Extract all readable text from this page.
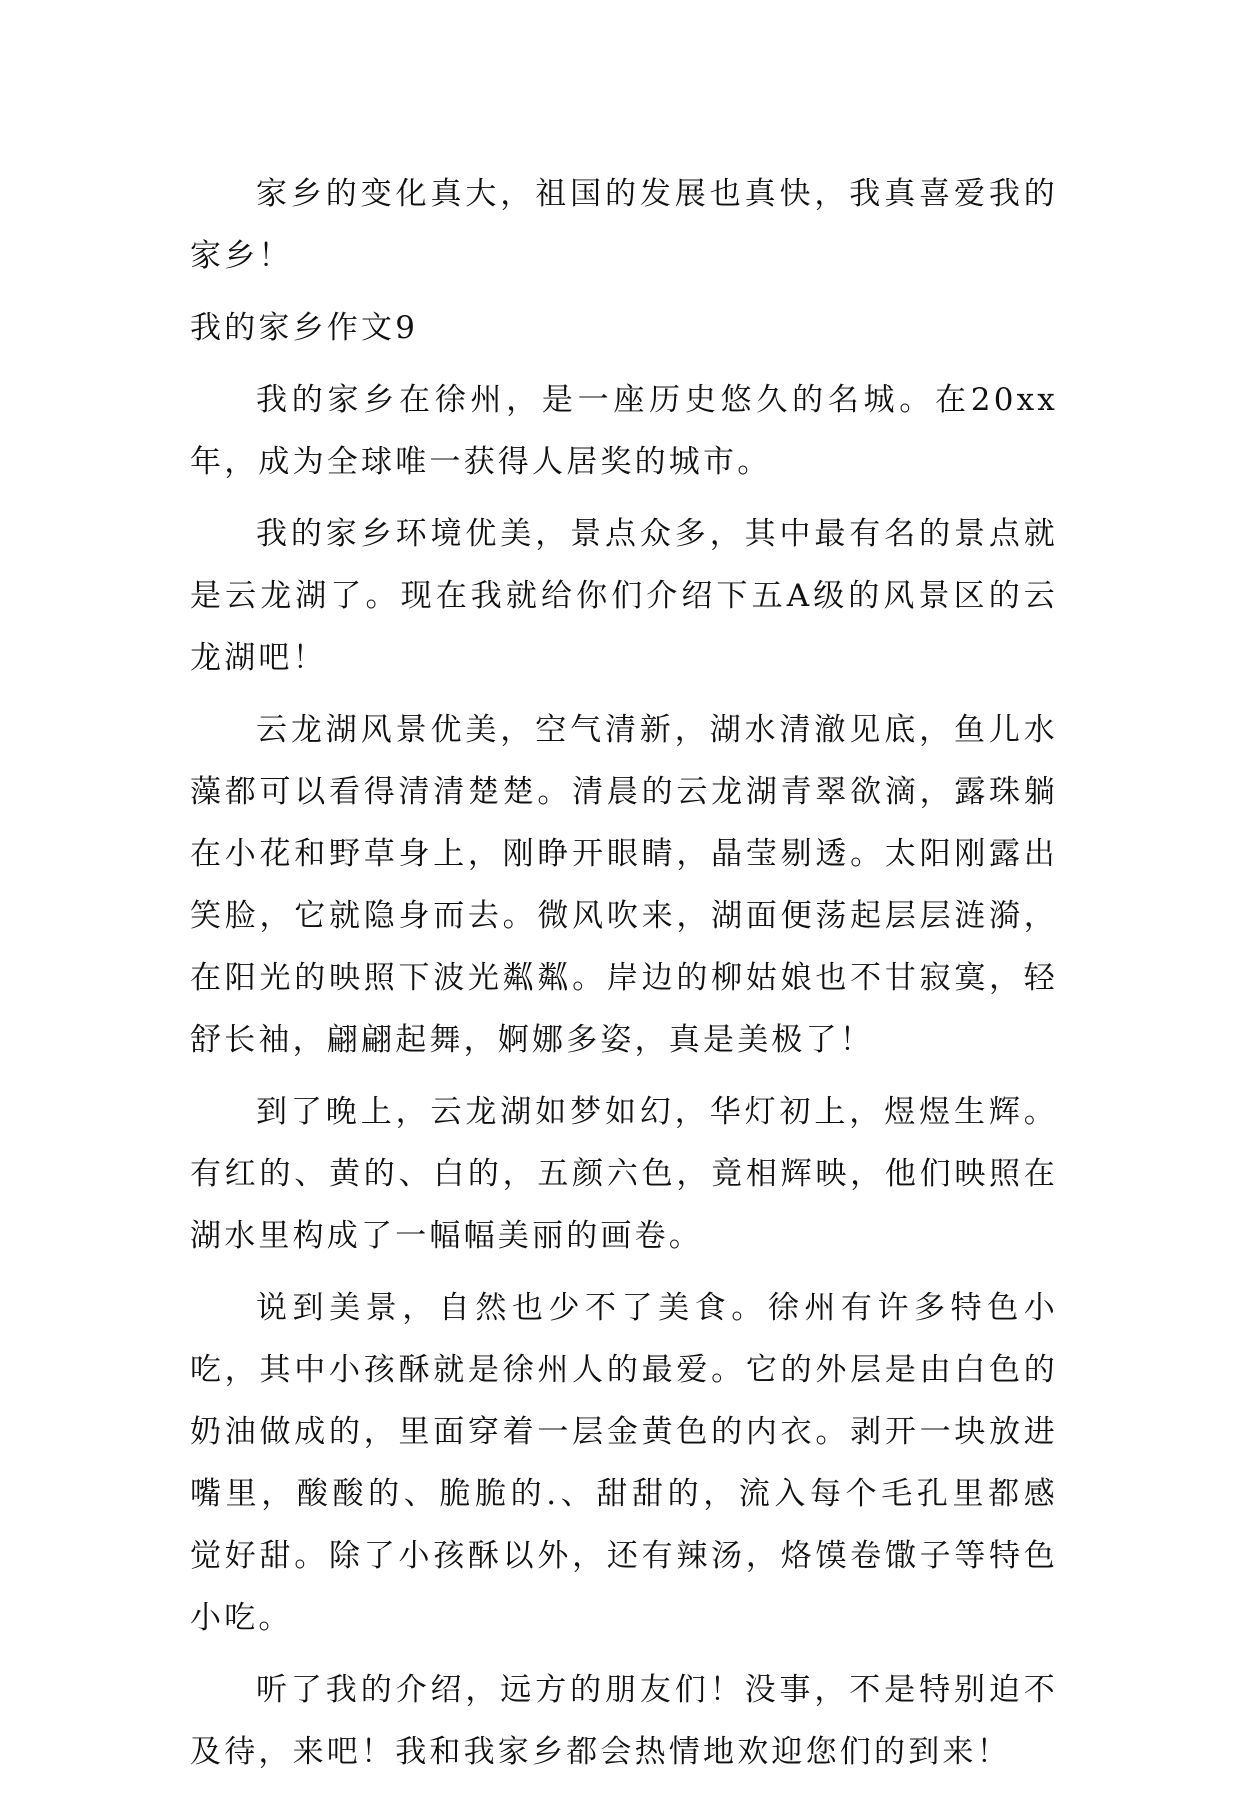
家乡的变化真大，祖国的发展也真快，我真喜爱我的家乡！

我的家乡作文9

我的家乡在徐州，是一座历史悠久的名城。在20xx年，成为全球唯一获得人居奖的城市。

我的家乡环境优美，景点众多，其中最有名的景点就是云龙湖了。现在我就给你们介绍下五A级的风景区的云龙湖吧！

云龙湖风景优美，空气清新，湖水清澈见底，鱼儿水藻都可以看得清清楚楚。清晨的云龙湖青翠欲滴，露珠躺在小花和野草身上，刚睁开眼睛，晶莹剔透。太阳刚露出笑脸，它就隐身而去。微风吹来，湖面便荡起层层涟漪，在阳光的映照下波光粼粼。岸边的柳姑娘也不甘寂寞，轻舒长袖，翩翩起舞，婀娜多姿，真是美极了！

到了晚上，云龙湖如梦如幻，华灯初上，煜煜生辉。有红的、黄的、白的，五颜六色，竟相辉映，他们映照在湖水里构成了一幅幅美丽的画卷。

说到美景，自然也少不了美食。徐州有许多特色小吃，其中小孩酥就是徐州人的最爱。它的外层是由白色的奶油做成的，里面穿着一层金黄色的内衣。剥开一块放进嘴里，酸酸的、脆脆的.、甜甜的，流入每个毛孔里都感觉好甜。除了小孩酥以外，还有辣汤，烙馍卷馓子等特色小吃。

听了我的介绍，远方的朋友们！没事，不是特别迫不及待，来吧！我和我家乡都会热情地欢迎您们的到来！
